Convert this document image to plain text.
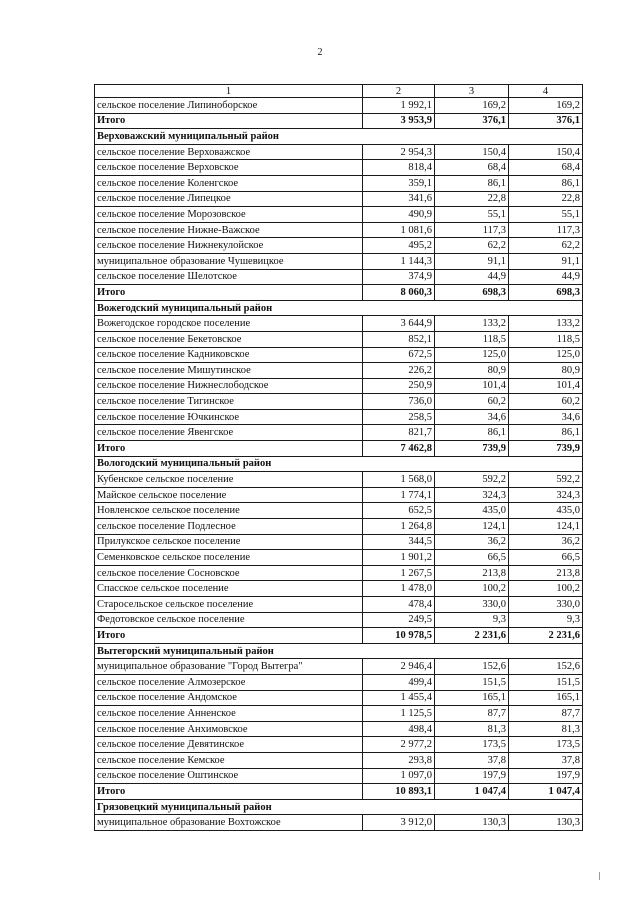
2
1	2	3	4
сельское поселение Липиноборское	1 992,1	169,2	169,2
Итого	3 953,9	376,1	376,1
Верховажский муниципальный район			
сельское поселение Верховажское	2 954,3	150,4	150,4
сельское поселение Верховское	818,4	68,4	68,4
сельское поселение Коленгское	359,1	86,1	86,1
сельское поселение Липецкое	341,6	22,8	22,8
сельское поселение Морозовское	490,9	55,1	55,1
сельское поселение Нижне-Важское	1 081,6	117,3	117,3
сельское поселение Нижнекулойское	495,2	62,2	62,2
муниципальное образование Чушевицкое	1 144,3	91,1	91,1
сельское поселение Шелотское	374,9	44,9	44,9
Итого	8 060,3	698,3	698,3
Вожегодский муниципальный район			
Вожегодское городское поселение	3 644,9	133,2	133,2
сельское поселение Бекетовское	852,1	118,5	118,5
сельское поселение Кадниковское	672,5	125,0	125,0
сельское поселение Мишутинское	226,2	80,9	80,9
сельское поселение Нижнеслободское	250,9	101,4	101,4
сельское поселение Тигинское	736,0	60,2	60,2
сельское поселение Ючкинское	258,5	34,6	34,6
сельское поселение Явенгское	821,7	86,1	86,1
Итого	7 462,8	739,9	739,9
Вологодский муниципальный район			
Кубенское сельское поселение	1 568,0	592,2	592,2
Майское сельское поселение	1 774,1	324,3	324,3
Новленское сельское поселение	652,5	435,0	435,0
сельское поселение Подлесное	1 264,8	124,1	124,1
Прилукское сельское поселение	344,5	36,2	36,2
Семенковское сельское поселение	1 901,2	66,5	66,5
сельское поселение Сосновское	1 267,5	213,8	213,8
Спасское сельское поселение	1 478,0	100,2	100,2
Старосельское сельское поселение	478,4	330,0	330,0
Федотовское сельское поселение	249,5	9,3	9,3
Итого	10 978,5	2 231,6	2 231,6
Вытегорский муниципальный район			
муниципальное образование "Город Вытегра"	2 946,4	152,6	152,6
сельское поселение Алмозерское	499,4	151,5	151,5
сельское поселение Андомское	1 455,4	165,1	165,1
сельское поселение Анненское	1 125,5	87,7	87,7
сельское поселение Анхимовское	498,4	81,3	81,3
сельское поселение Девятинское	2 977,2	173,5	173,5
сельское поселение Кемское	293,8	37,8	37,8
сельское поселение Оштинское	1 097,0	197,9	197,9
Итого	10 893,1	1 047,4	1 047,4
Грязовецкий муниципальный район			
муниципальное образование Вохтожское	3 912,0	130,3	130,3
